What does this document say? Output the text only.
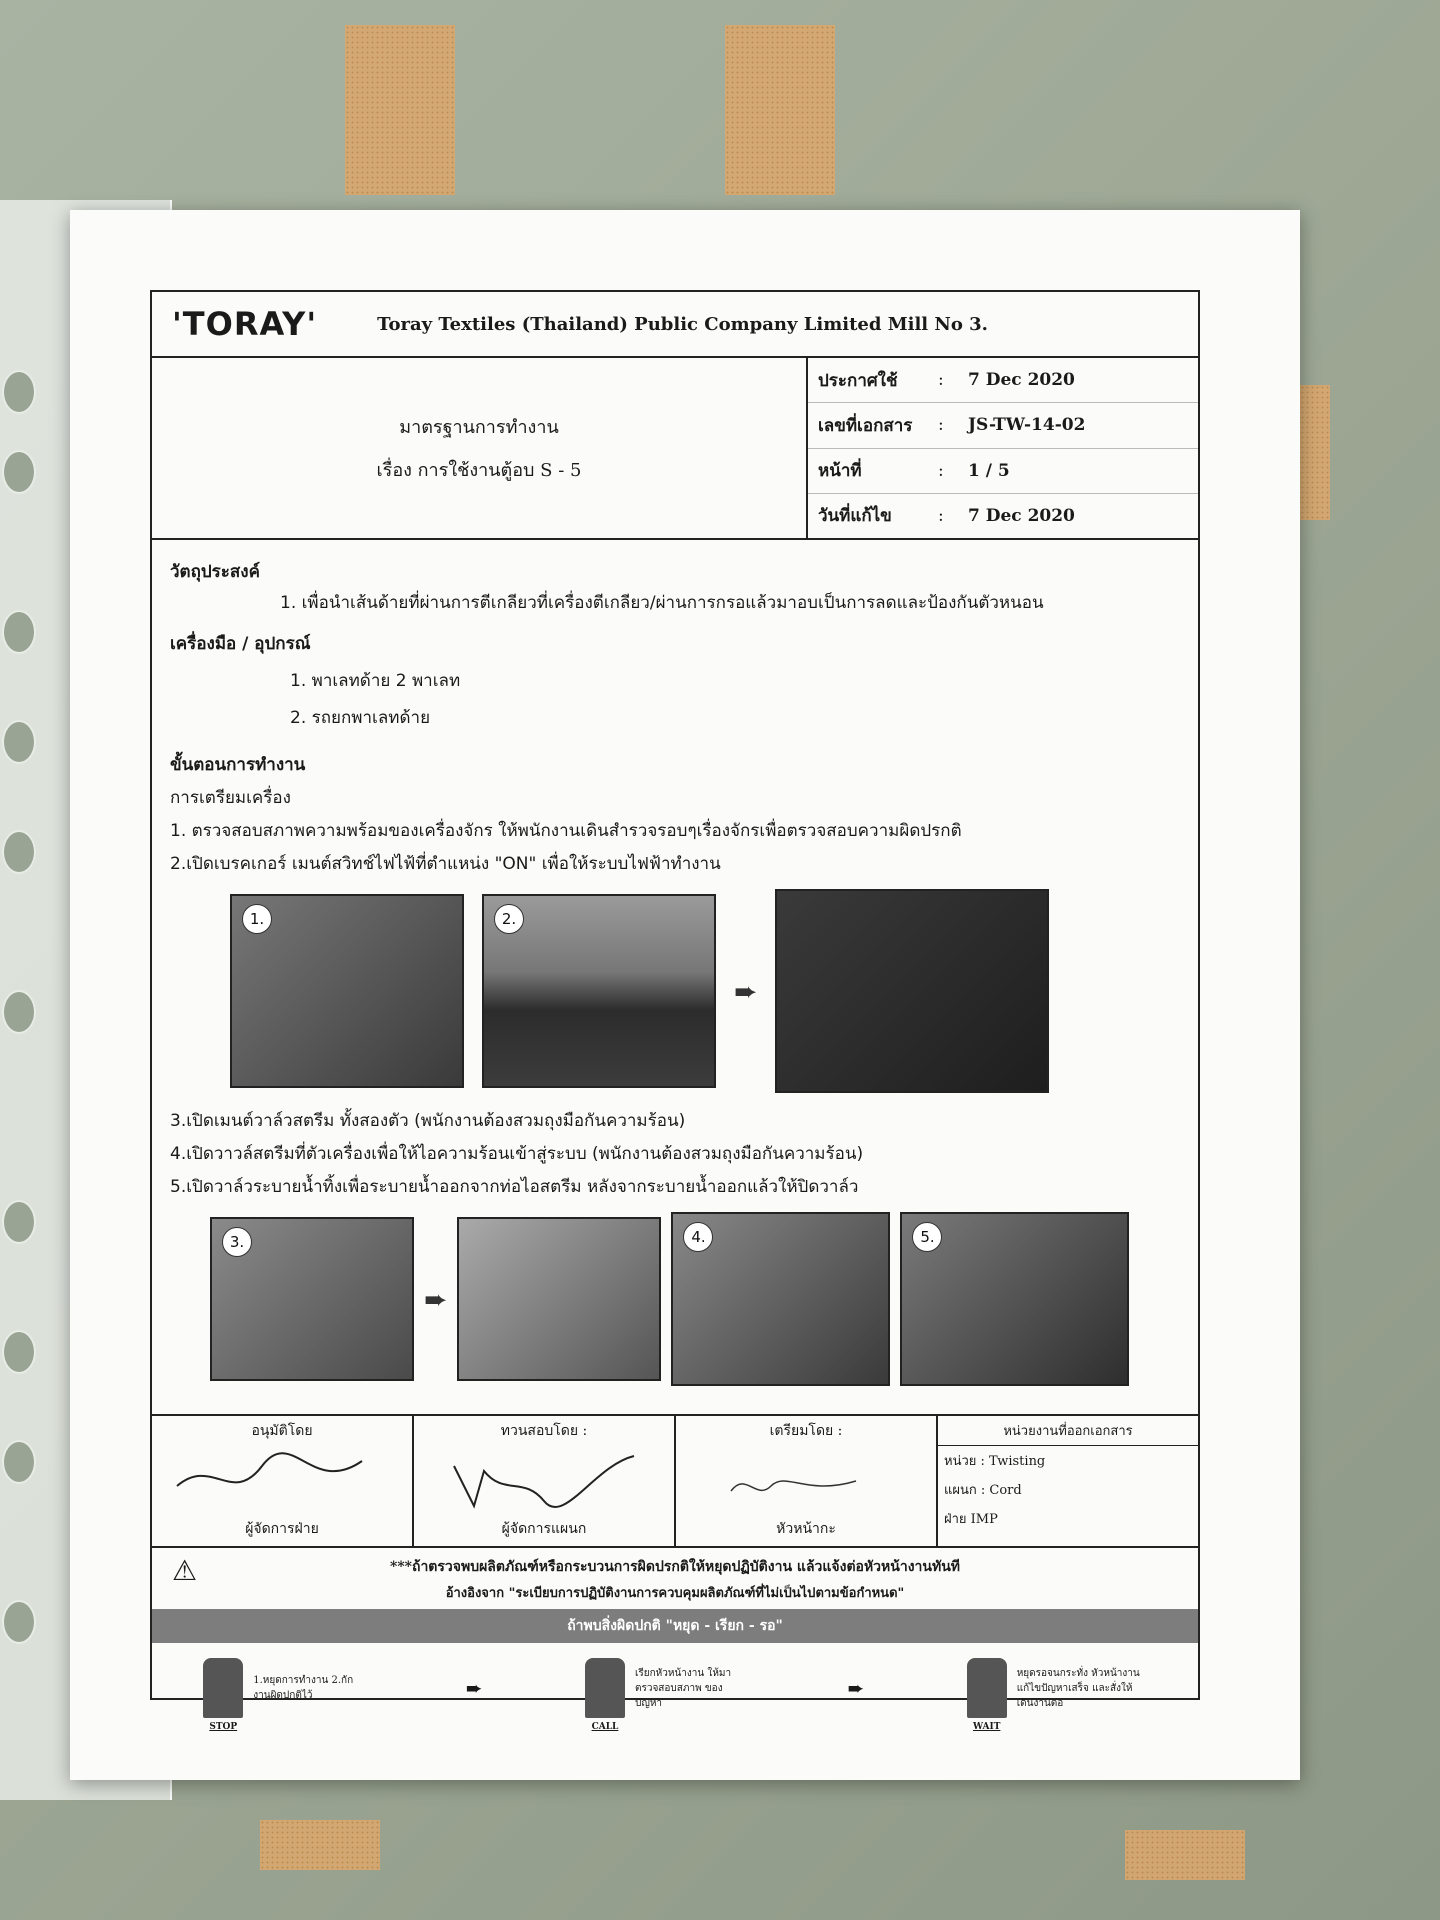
'TORAY'	Toray Textiles (Thailand) Public Company Limited Mill No 3.
มาตรฐานการทำงาน
เรื่อง การใช้งานตู้อบ S - 5
ประกาศใช้	:	7 Dec 2020
เลขที่เอกสาร	:	JS-TW-14-02
หน้าที่	:	1 / 5
วันที่แก้ไข	:	7 Dec 2020
วัตถุประสงค์
1. เพื่อนำเส้นด้ายที่ผ่านการตีเกลียวที่เครื่องตีเกลียว/ผ่านการกรอแล้วมาอบเป็นการลดและป้องกันตัวหนอน
เครื่องมือ / อุปกรณ์
1. พาเลทด้าย 2 พาเลท
2. รถยกพาเลทด้าย
ขั้นตอนการทำงาน
การเตรียมเครื่อง
1. ตรวจสอบสภาพความพร้อมของเครื่องจักร ให้พนักงานเดินสำรวจรอบๆเรื่องจักรเพื่อตรวจสอบความผิดปรกติ
2.เปิดเบรคเกอร์ เมนต์สวิทช์ไฟไฟ้ที่ตำแหน่ง "ON" เพื่อให้ระบบไฟฟ้าทำงาน
1.	2.
➨
3.เปิดเมนต์วาล์วสตรีม ทั้งสองตัว (พนักงานต้องสวมถุงมือกันความร้อน)
4.เปิดวาวล์สตรีมที่ตัวเครื่องเพื่อให้ไอความร้อนเข้าสู่ระบบ (พนักงานต้องสวมถุงมือกันความร้อน)
5.เปิดวาล์วระบายน้ำทิ้งเพื่อระบายน้ำออกจากท่อไอสตรีม หลังจากระบายน้ำออกแล้วให้ปิดวาล์ว
3.
➨
4.	5.
อนุมัติโดย
ผู้จัดการฝ่าย
ทวนสอบโดย :
ผู้จัดการแผนก
เตรียมโดย :
หัวหน้ากะ
หน่วยงานที่ออกเอกสาร
หน่วย : Twisting
แผนก : Cord
ฝ่าย IMP
⚠	***ถ้าตรวจพบผลิตภัณฑ์หรือกระบวนการผิดปรกติให้หยุดปฏิบัติงาน แล้วแจ้งต่อหัวหน้างานทันที
อ้างอิงจาก "ระเบียบการปฏิบัติงานการควบคุมผลิตภัณฑ์ที่ไม่เป็นไปตามข้อกำหนด"
ถ้าพบสิ่งผิดปกติ "หยุด - เรียก - รอ"
STOP
1.หยุดการทำงาน 2.กักงานผิดปกติไว้	➨
CALL
เรียกหัวหน้างาน ให้มาตรวจสอบสภาพ ของปัญหา
➨
WAIT
หยุดรอจนกระทั่ง หัวหน้างานแก้ไขปัญหาเสร็จ และสั่งให้เดินงานต่อ
